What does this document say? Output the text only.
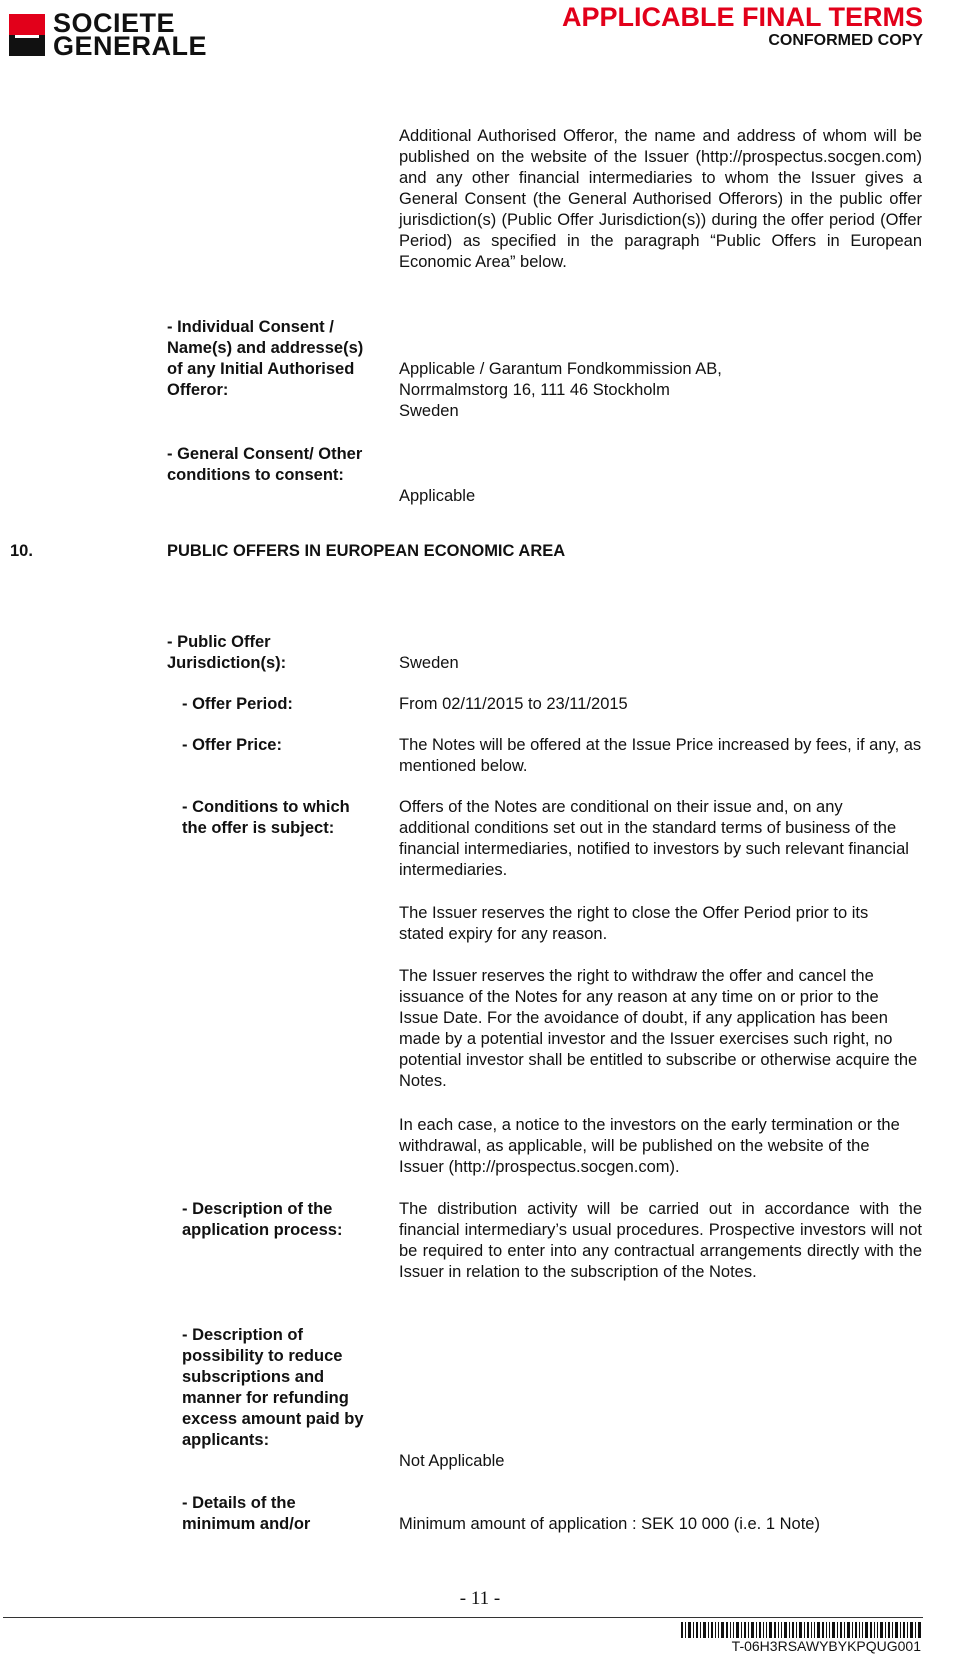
SOCIETE
GENERALE
APPLICABLE FINAL TERMS
CONFORMED COPY
Additional Authorised Offeror, the name and address of whom will be published on the website of the Issuer (http://prospectus.socgen.com) and any other financial intermediaries to whom the Issuer gives a General Consent (the General Authorised Offerors) in the public offer jurisdiction(s) (Public Offer Jurisdiction(s)) during the offer period (Offer Period) as specified in the paragraph “Public Offers in European Economic Area” below.
- Individual Consent / Name(s) and addresse(s) of any Initial Authorised Offeror:
Applicable / Garantum Fondkommission AB,
Norrmalmstorg 16, 111 46 Stockholm
Sweden
- General Consent/ Other conditions to consent:
Applicable
10.	PUBLIC OFFERS IN EUROPEAN ECONOMIC AREA
- Public Offer Jurisdiction(s):	Sweden
- Offer Period:	From 02/11/2015 to 23/11/2015
- Offer Price:	The Notes will be offered at the Issue Price increased by fees, if any, as mentioned below.
- Conditions to which the offer is subject:
Offers of the Notes are conditional on their issue and, on any additional conditions set out in the standard terms of business of the financial intermediaries, notified to investors by such relevant financial intermediaries.
The Issuer reserves the right to close the Offer Period prior to its stated expiry for any reason.
The Issuer reserves the right to withdraw the offer and cancel the issuance of the Notes for any reason at any time on or prior to the Issue Date. For the avoidance of doubt, if any application has been made by a potential investor and the Issuer exercises such right, no potential investor shall be entitled to subscribe or otherwise acquire the Notes.
In each case, a notice to the investors on the early termination or the withdrawal, as applicable, will be published on the website of the Issuer (http://prospectus.socgen.com).
- Description of the application process:
The distribution activity will be carried out in accordance with the financial intermediary’s usual procedures. Prospective investors will not be required to enter into any contractual arrangements directly with the Issuer in relation to the subscription of the Notes.
- Description of possibility to reduce subscriptions and manner for refunding excess amount paid by applicants:
Not Applicable
- Details of the minimum and/or	Minimum amount of application : SEK 10 000 (i.e. 1 Note)
- 11 -
T-06H3RSAWYBYKPQUG001
